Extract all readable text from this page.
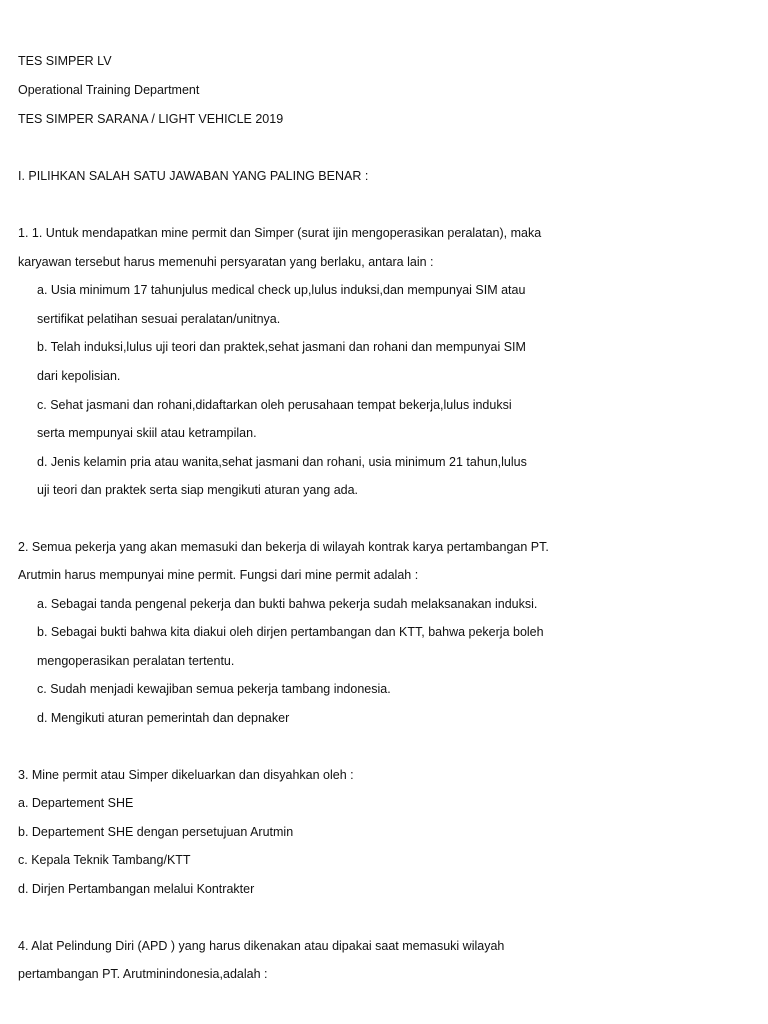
TES SIMPER LV
Operational Training Department
TES SIMPER SARANA / LIGHT VEHICLE 2019
I. PILIHKAN SALAH SATU JAWABAN YANG PALING BENAR :
1. 1. Untuk mendapatkan mine permit dan Simper (surat ijin mengoperasikan peralatan), maka
karyawan tersebut harus memenuhi persyaratan yang berlaku, antara lain :
a. Usia minimum 17 tahunjulus medical check up,lulus induksi,dan mempunyai SIM atau
sertifikat pelatihan sesuai peralatan/unitnya.
b. Telah induksi,lulus uji teori dan praktek,sehat jasmani dan rohani dan mempunyai SIM
dari kepolisian.
c. Sehat jasmani dan rohani,didaftarkan oleh perusahaan tempat bekerja,lulus induksi
serta mempunyai skiil atau ketrampilan.
d. Jenis kelamin pria atau wanita,sehat jasmani dan rohani, usia minimum 21 tahun,lulus
uji teori dan praktek serta siap mengikuti aturan yang ada.
2. Semua pekerja yang akan memasuki dan bekerja di wilayah kontrak karya pertambangan PT.
Arutmin harus mempunyai mine permit. Fungsi dari mine permit adalah :
a. Sebagai tanda pengenal pekerja dan bukti bahwa pekerja sudah melaksanakan induksi.
b. Sebagai bukti bahwa kita diakui oleh dirjen pertambangan dan KTT, bahwa pekerja boleh
mengoperasikan peralatan tertentu.
c. Sudah menjadi kewajiban semua pekerja tambang indonesia.
d. Mengikuti aturan pemerintah dan depnaker
3. Mine permit atau Simper dikeluarkan dan disyahkan oleh :
a. Departement SHE
b. Departement SHE dengan persetujuan Arutmin
c. Kepala Teknik Tambang/KTT
d. Dirjen Pertambangan melalui Kontrakter
4. Alat Pelindung Diri (APD ) yang harus dikenakan atau dipakai saat memasuki wilayah
pertambangan PT. Arutminindonesia,adalah :
